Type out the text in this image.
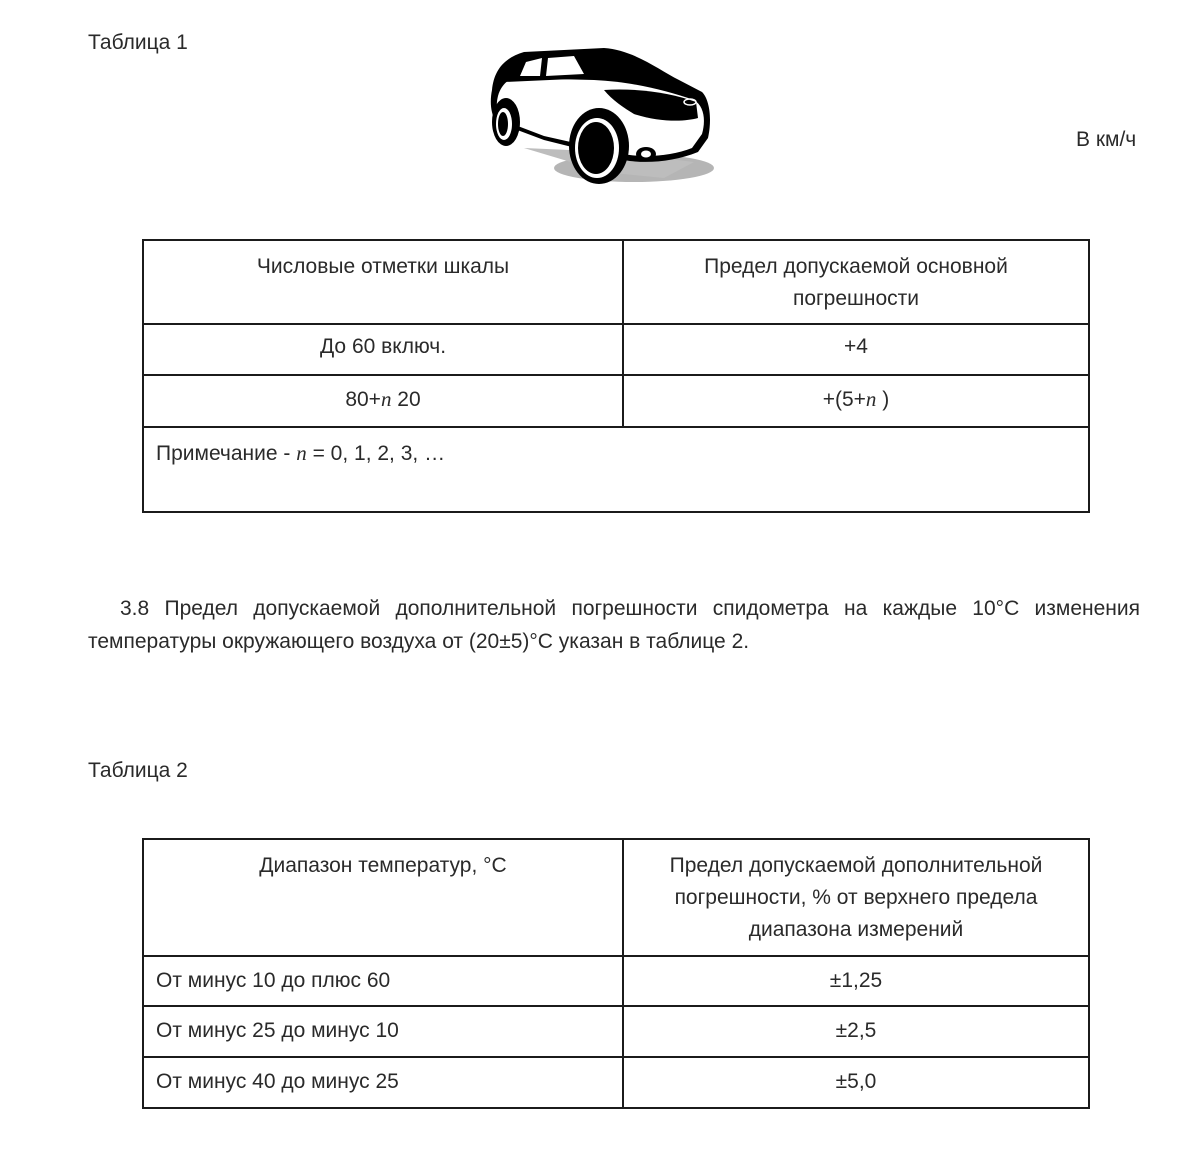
Таблица 1
В км/ч
Числовые отметки шкалы	Предел допускаемой основной погрешности
До 60 включ.	+4
80+n 20	+(5+n )
Примечание - n = 0, 1, 2, 3, …	
3.8 Предел допускаемой дополнительной погрешности спидометра на каждые 10°С изменения температуры окружающего воздуха от (20±5)°С указан в таблице 2.
Таблица 2
Диапазон температур, °С	Предел допускаемой дополнительной погрешности, % от верхнего предела диапазона измерений
От минус 10 до плюс 60	±1,25
От минус 25 до минус 10	±2,5
От минус 40 до минус 25	±5,0
